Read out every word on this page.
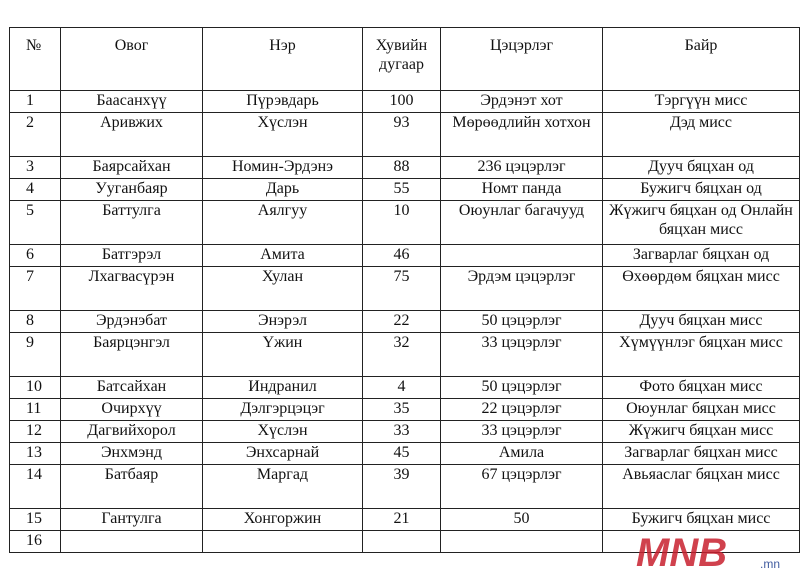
№	Овог	Нэр	Хувийн дугаар	Цэцэрлэг	Байр
1	Баасанхүү	Пүрэвдарь	100	Эрдэнэт хот	Тэргүүн мисс
2	Аривжих	Хүслэн	93	Мөрөөдлийн хотхон	Дэд мисс
3	Баярсайхан	Номин-Эрдэнэ	88	236 цэцэрлэг	Дууч бяцхан од
4	Ууганбаяр	Дарь	55	Номт панда	Бужигч бяцхан од
5	Баттулга	Аялгуу	10	Оюунлаг багачууд	Жүжигч бяцхан од Онлайн бяцхан мисс
6	Батгэрэл	Амита	46		Загварлаг бяцхан од
7	Лхагвасүрэн	Хулан	75	Эрдэм цэцэрлэг	Өхөөрдөм бяцхан мисс
8	Эрдэнэбат	Энэрэл	22	50 цэцэрлэг	Дууч бяцхан мисс
9	Баярцэнгэл	Үжин	32	33 цэцэрлэг	Хүмүүнлэг бяцхан мисс
10	Батсайхан	Индранил	4	50 цэцэрлэг	Фото бяцхан мисс
11	Очирхүү	Дэлгэрцэцэг	35	22 цэцэрлэг	Оюунлаг бяцхан мисс
12	Дагвийхорол	Хүслэн	33	33 цэцэрлэг	Жүжигч бяцхан мисс
13	Энхмэнд	Энхсарнай	45	Амила	Загварлаг бяцхан мисс
14	Батбаяр	Маргад	39	67 цэцэрлэг	Авьяаслаг бяцхан мисс
15	Гантулга	Хонгоржин	21	50	Бужигч бяцхан мисс
16						MNB	.mn
